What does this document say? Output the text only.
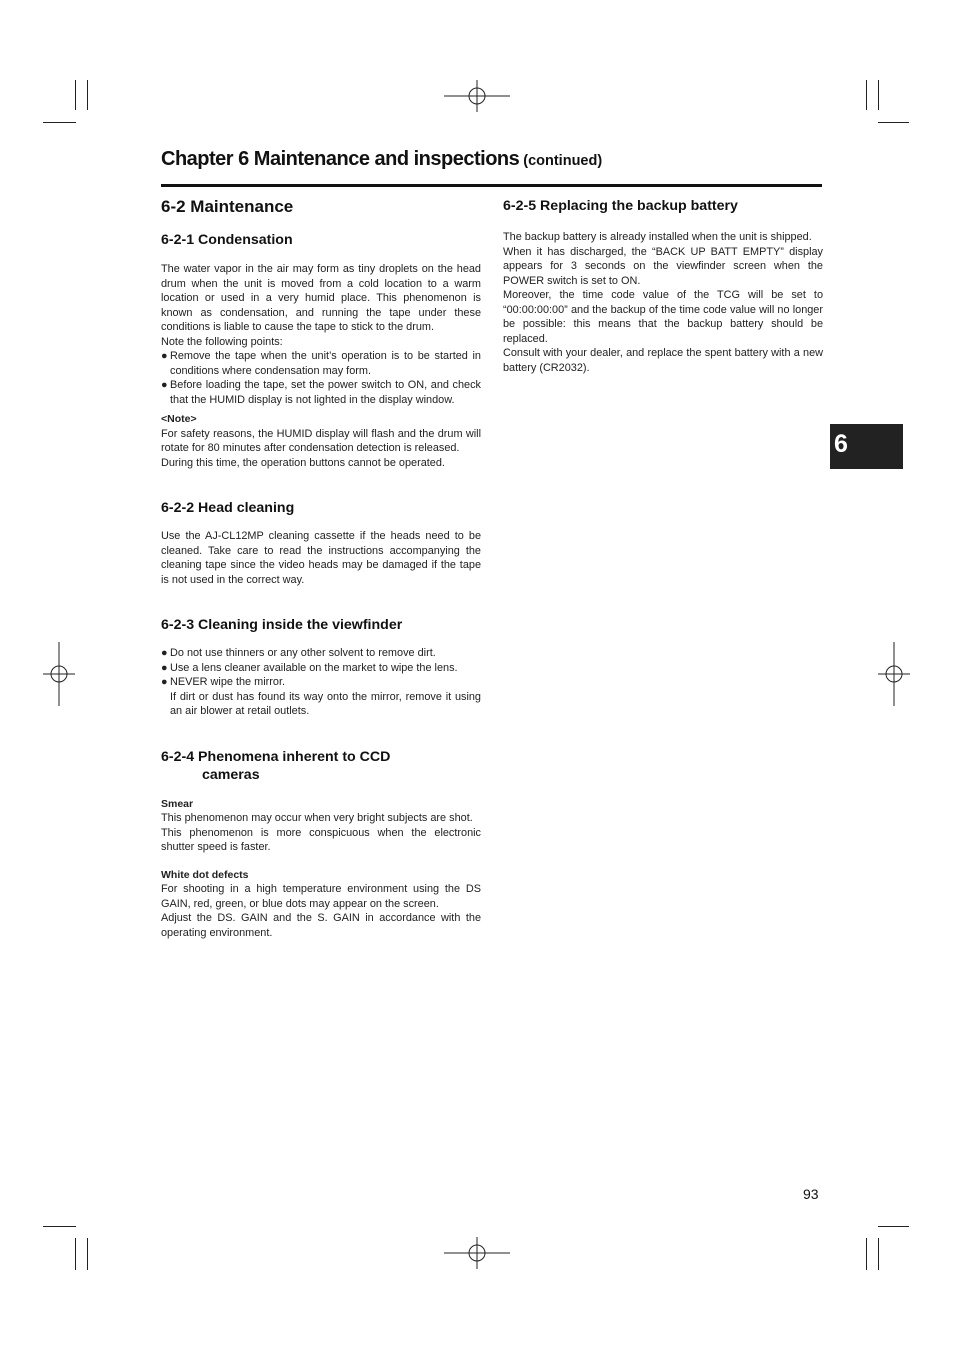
Chapter 6 Maintenance and inspections (continued)
6-2 Maintenance
6-2-1 Condensation

The water vapor in the air may form as tiny droplets on the head drum when the unit is moved from a cold location to a warm location or used in a very humid place. This phenomenon is known as condensation, and running the tape under these conditions is liable to cause the tape to stick to the drum.

Note the following points:

● Remove the tape when the unit’s operation is to be started in conditions where condensation may form.
● Before loading the tape, set the power switch to ON, and check that the HUMID display is not lighted in the display window.
<Note>

For safety reasons, the HUMID display will flash and the drum will rotate for 80 minutes after condensation detection is released.

During this time, the operation buttons cannot be operated.

6-2-2 Head cleaning

Use the AJ-CL12MP cleaning cassette if the heads need to be cleaned. Take care to read the instructions accompanying the cleaning tape since the video heads may be damaged if the tape is not used in the correct way.

6-2-3 Cleaning inside the viewfinder
● Do not use thinners or any other solvent to remove dirt.
● Use a lens cleaner available on the market to wipe the lens.
● NEVER wipe the mirror.

If dirt or dust has found its way onto the mirror, remove it using an air blower at retail outlets.

6-2-4 Phenomena inherent to CCD
cameras
Smear

This phenomenon may occur when very bright subjects are shot.

This phenomenon is more conspicuous when the electronic shutter speed is faster.

White dot defects

For shooting in a high temperature environment using the DS GAIN, red, green, or blue dots may appear on the screen.

Adjust the DS. GAIN and the S. GAIN in accordance with the operating environment.

6-2-5 Replacing the backup battery

The backup battery is already installed when the unit is shipped.

When it has discharged, the “BACK UP BATT EMPTY” display appears for 3 seconds on the viewfinder screen when the POWER switch is set to ON.

Moreover, the time code value of the TCG will be set to “00:00:00:00” and the backup of the time code value will no longer be possible: this means that the backup battery should be replaced.

Consult with your dealer, and replace the spent battery with a new battery (CR2032).

6
93
